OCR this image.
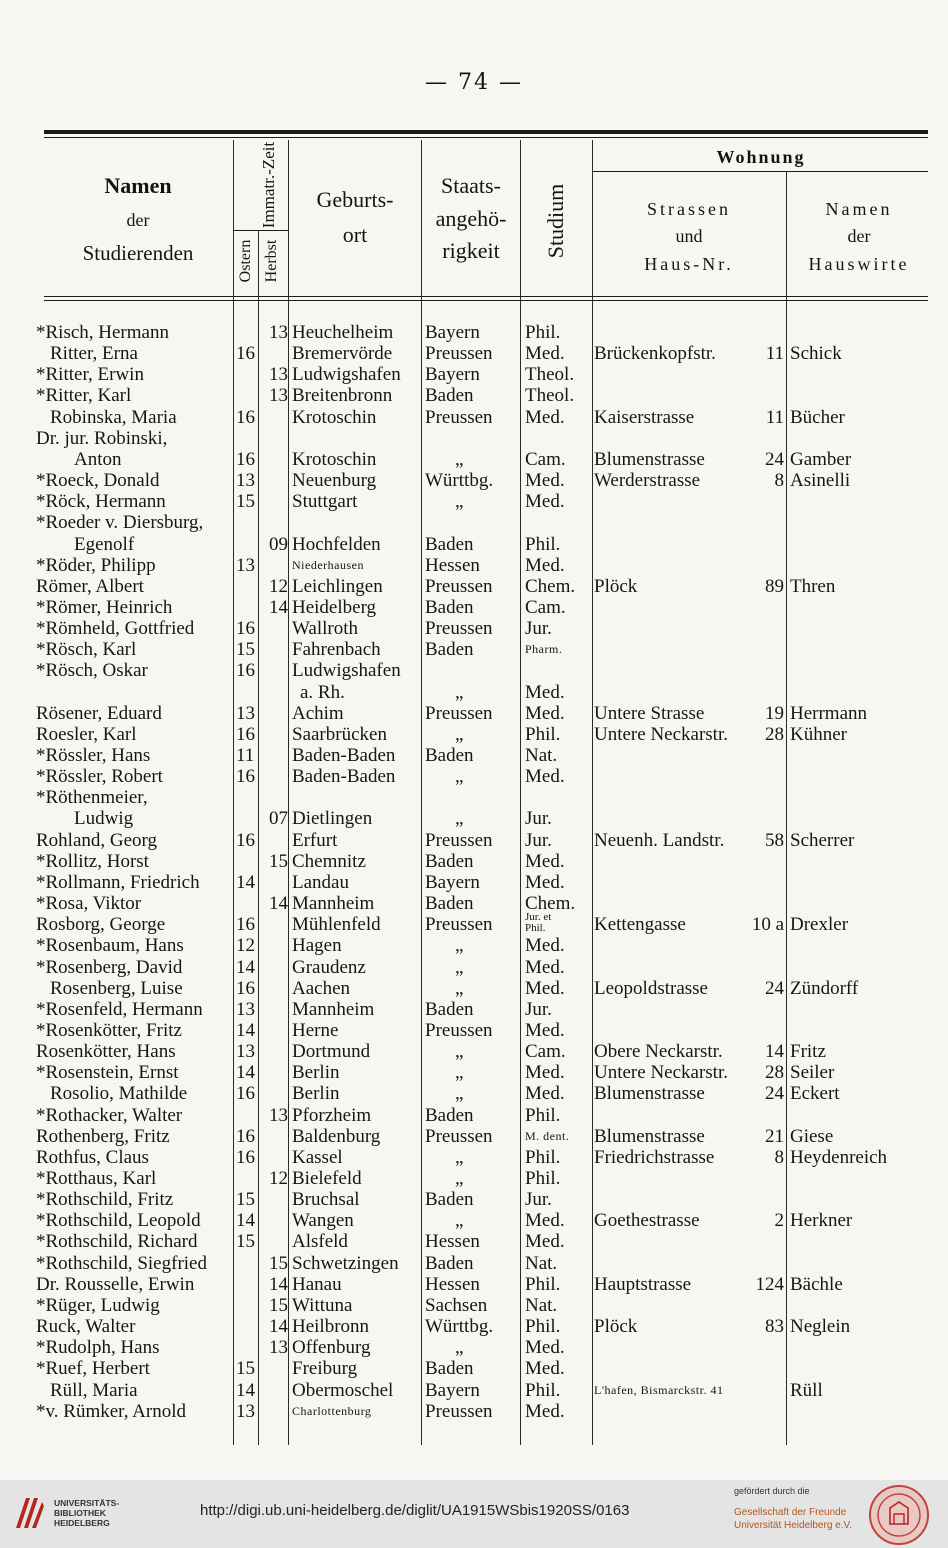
— 74 —
Namen
der
Studierenden
Immatr.-Zeit
Ostern Herbst
Geburts-
ort
Staats-
angehö-
rigkeit	Studium
Wohnung
Strassen
und
Haus-Nr.
Namen
der
Hauswirte
*Risch, Hermann	13 Heuchelheim	Bayern	Phil.
Ritter, Erna	16 Bremervörde	Preussen	Med.	Brückenkopfstr.	11 Schick
*Ritter, Erwin	13 Ludwigshafen	Bayern	Theol.
*Ritter, Karl	13 Breitenbronn	Baden	Theol.
Robinska, Maria	16 Krotoschin	Preussen	Med.	Kaiserstrasse	11 Bücher
Dr. jur. Robinski,
Anton	16 Krotoschin	„	Cam.	Blumenstrasse	24 Gamber
*Roeck, Donald	13 Neuenburg	Württbg.	Med.	Werderstrasse	8 Asinelli
*Röck, Hermann	15 Stuttgart	„	Med.
*Roeder v. Diersburg,
Egenolf	09 Hochfelden	Baden	Phil.
*Röder, Philipp	13	Niederhausen	Hessen	Med.
Römer, Albert	12 Leichlingen	Preussen	Chem. Plöck	89 Thren
*Römer, Heinrich	14 Heidelberg	Baden	Cam.
*Römheld, Gottfried	16 Wallroth	Preussen	Jur.
*Rösch, Karl	15 Fahrenbach	Baden	Pharm.
*Rösch, Oskar	16 Ludwigshafen
a. Rh.	„	Med.
Rösener, Eduard	13 Achim	Preussen	Med.	Untere Strasse	19 Herrmann
Roesler, Karl	16 Saarbrücken	„	Phil.	Untere Neckarstr.	28 Kühner
*Rössler, Hans	11 Baden-Baden	Baden	Nat.
*Rössler, Robert	16 Baden-Baden	„	Med.
*Röthenmeier,
Ludwig	07 Dietlingen	„	Jur.
Rohland, Georg	16 Erfurt	Preussen	Jur.	Neuenh. Landstr.	58 Scherrer
*Rollitz, Horst	15 Chemnitz	Baden	Med.
*Rollmann, Friedrich	14 Landau	Bayern	Med.
*Rosa, Viktor	14 Mannheim	Baden	Chem.
Rosborg, George	16 Mühlenfeld	Preussen	Jur. et Phil.	Kettengasse	10 a Drexler
*Rosenbaum, Hans	12 Hagen	„	Med.
*Rosenberg, David	14 Graudenz	„	Med.
Rosenberg, Luise	16 Aachen	„	Med.	Leopoldstrasse	24 Zündorff
*Rosenfeld, Hermann	13 Mannheim	Baden	Jur.
*Rosenkötter, Fritz	14 Herne	Preussen	Med.
Rosenkötter, Hans	13 Dortmund	„	Cam.	Obere Neckarstr.	14 Fritz
*Rosenstein, Ernst	14 Berlin	„	Med.	Untere Neckarstr.	28 Seiler
Rosolio, Mathilde	16 Berlin	„	Med.	Blumenstrasse	24 Eckert
*Rothacker, Walter	13 Pforzheim	Baden	Phil.
Rothenberg, Fritz	16 Baldenburg	Preussen	M. dent.	Blumenstrasse	21 Giese
Rothfus, Claus	16 Kassel	„	Phil.	Friedrichstrasse	8 Heydenreich
*Rotthaus, Karl	12 Bielefeld	„	Phil.
*Rothschild, Fritz	15 Bruchsal	Baden	Jur.
*Rothschild, Leopold	14 Wangen	„	Med.	Goethestrasse	2 Herkner
*Rothschild, Richard	15 Alsfeld	Hessen	Med.
*Rothschild, Siegfried	15 Schwetzingen	Baden	Nat.
Dr. Rousselle, Erwin	14 Hanau	Hessen	Phil.	Hauptstrasse	124 Bächle
*Rüger, Ludwig	15 Wittuna	Sachsen	Nat.
Ruck, Walter	14 Heilbronn	Württbg.	Phil.	Plöck	83 Neglein
*Rudolph, Hans	13 Offenburg	„	Med.
*Ruef, Herbert	15 Freiburg	Baden	Med.
Rüll, Maria	14 Obermoschel	Bayern	Phil.	L'hafen, Bismarckstr. 41	Rüll
*v. Rümker, Arnold	13	Charlottenburg	Preussen	Med.
UNIVERSITÄTS-
BIBLIOTHEK
HEIDELBERG
http://digi.ub.uni-heidelberg.de/diglit/UA1915WSbis1920SS/0163
gefördert durch die
Gesellschaft der Freunde
Universität Heidelberg e.V.
